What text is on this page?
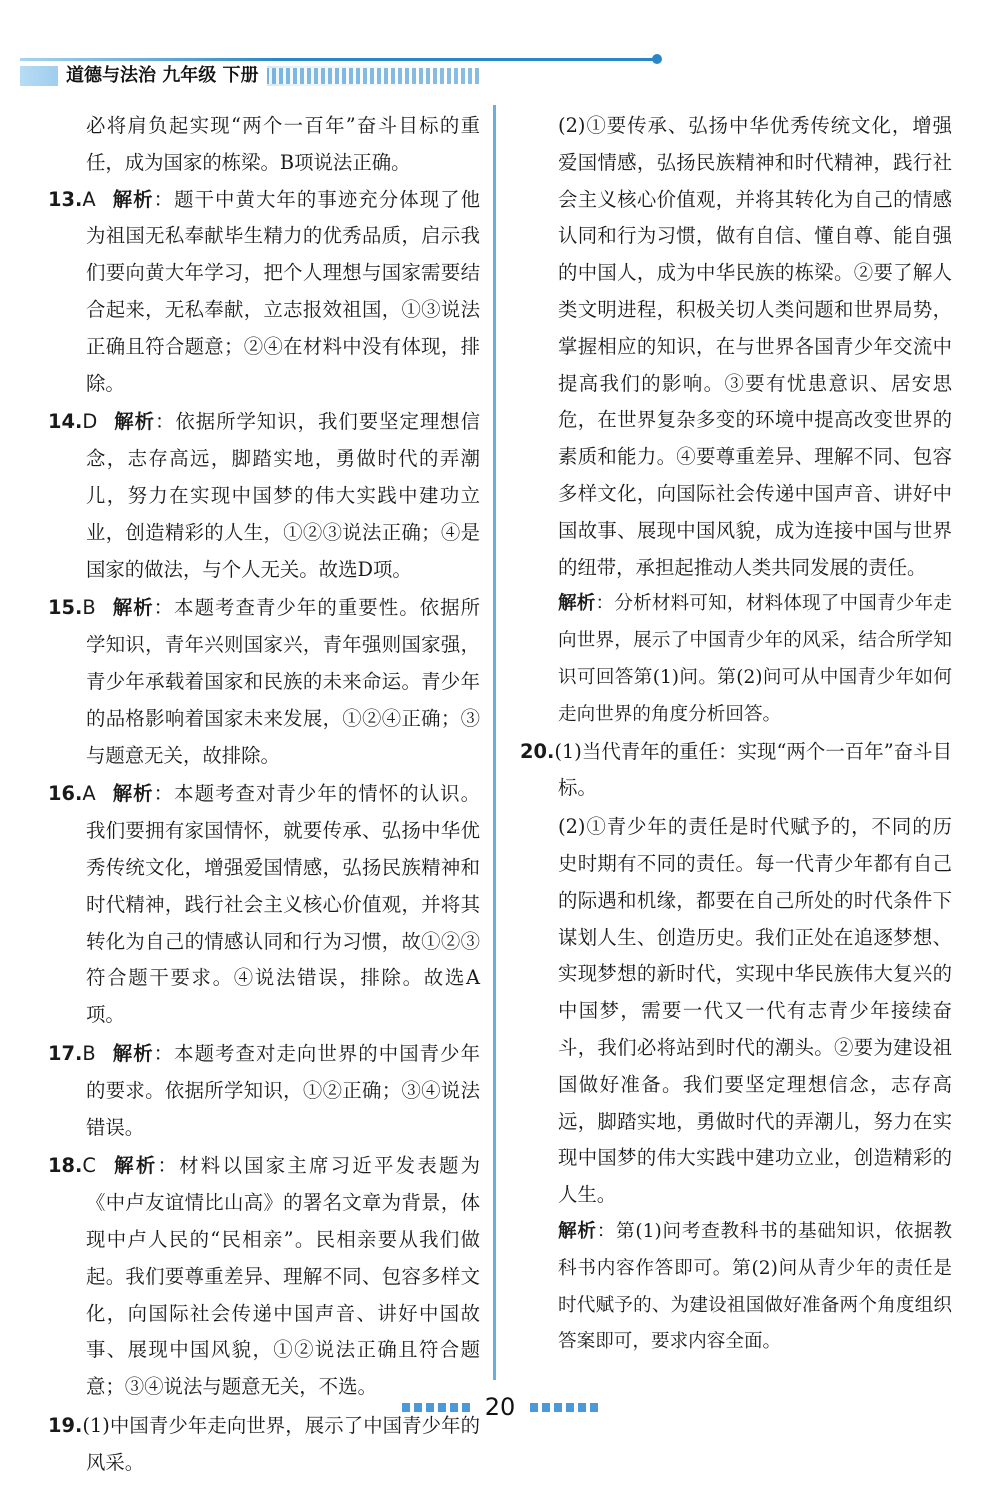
道德与法治 九年级 下册

必将肩负起实现“两个一百年”奋斗目标的重任，成为国家的栋梁。B项说法正确。

13.A 解析：题干中黄大年的事迹充分体现了他为祖国无私奉献毕生精力的优秀品质，启示我们要向黄大年学习，把个人理想与国家需要结合起来，无私奉献，立志报效祖国，①③说法正确且符合题意；②④在材料中没有体现，排除。

14.D 解析：依据所学知识，我们要坚定理想信念，志存高远，脚踏实地，勇做时代的弄潮儿，努力在实现中国梦的伟大实践中建功立业，创造精彩的人生，①②③说法正确；④是国家的做法，与个人无关。故选D项。

15.B 解析：本题考查青少年的重要性。依据所学知识，青年兴则国家兴，青年强则国家强，青少年承载着国家和民族的未来命运。青少年的品格影响着国家未来发展，①②④正确；③与题意无关，故排除。

16.A 解析：本题考查对青少年的情怀的认识。我们要拥有家国情怀，就要传承、弘扬中华优秀传统文化，增强爱国情感，弘扬民族精神和时代精神，践行社会主义核心价值观，并将其转化为自己的情感认同和行为习惯，故①②③符合题干要求。④说法错误，排除。故选A项。

17.B 解析：本题考查对走向世界的中国青少年的要求。依据所学知识，①②正确；③④说法错误。

18.C 解析：材料以国家主席习近平发表题为《中卢友谊情比山高》的署名文章为背景，体现中卢人民的“民相亲”。民相亲要从我们做起。我们要尊重差异、理解不同、包容多样文化，向国际社会传递中国声音、讲好中国故事、展现中国风貌，①②说法正确且符合题意；③④说法与题意无关，不选。

19.(1)中国青少年走向世界，展示了中国青少年的风采。

(2)①要传承、弘扬中华优秀传统文化，增强爱国情感，弘扬民族精神和时代精神，践行社会主义核心价值观，并将其转化为自己的情感认同和行为习惯，做有自信、懂自尊、能自强的中国人，成为中华民族的栋梁。②要了解人类文明进程，积极关切人类问题和世界局势，掌握相应的知识，在与世界各国青少年交流中提高我们的影响。③要有忧患意识、居安思危，在世界复杂多变的环境中提高改变世界的素质和能力。④要尊重差异、理解不同、包容多样文化，向国际社会传递中国声音、讲好中国故事、展现中国风貌，成为连接中国与世界的纽带，承担起推动人类共同发展的责任。

解析：分析材料可知，材料体现了中国青少年走向世界，展示了中国青少年的风采，结合所学知识可回答第(1)问。第(2)问可从中国青少年如何走向世界的角度分析回答。

20.(1)当代青年的重任：实现“两个一百年”奋斗目标。

(2)①青少年的责任是时代赋予的，不同的历史时期有不同的责任。每一代青少年都有自己的际遇和机缘，都要在自己所处的时代条件下谋划人生、创造历史。我们正处在追逐梦想、实现梦想的新时代，实现中华民族伟大复兴的中国梦，需要一代又一代有志青少年接续奋斗，我们必将站到时代的潮头。②要为建设祖国做好准备。我们要坚定理想信念，志存高远，脚踏实地，勇做时代的弄潮儿，努力在实现中国梦的伟大实践中建功立业，创造精彩的人生。

解析：第(1)问考查教科书的基础知识，依据教科书内容作答即可。第(2)问从青少年的责任是时代赋予的、为建设祖国做好准备两个角度组织答案即可，要求内容全面。

20
